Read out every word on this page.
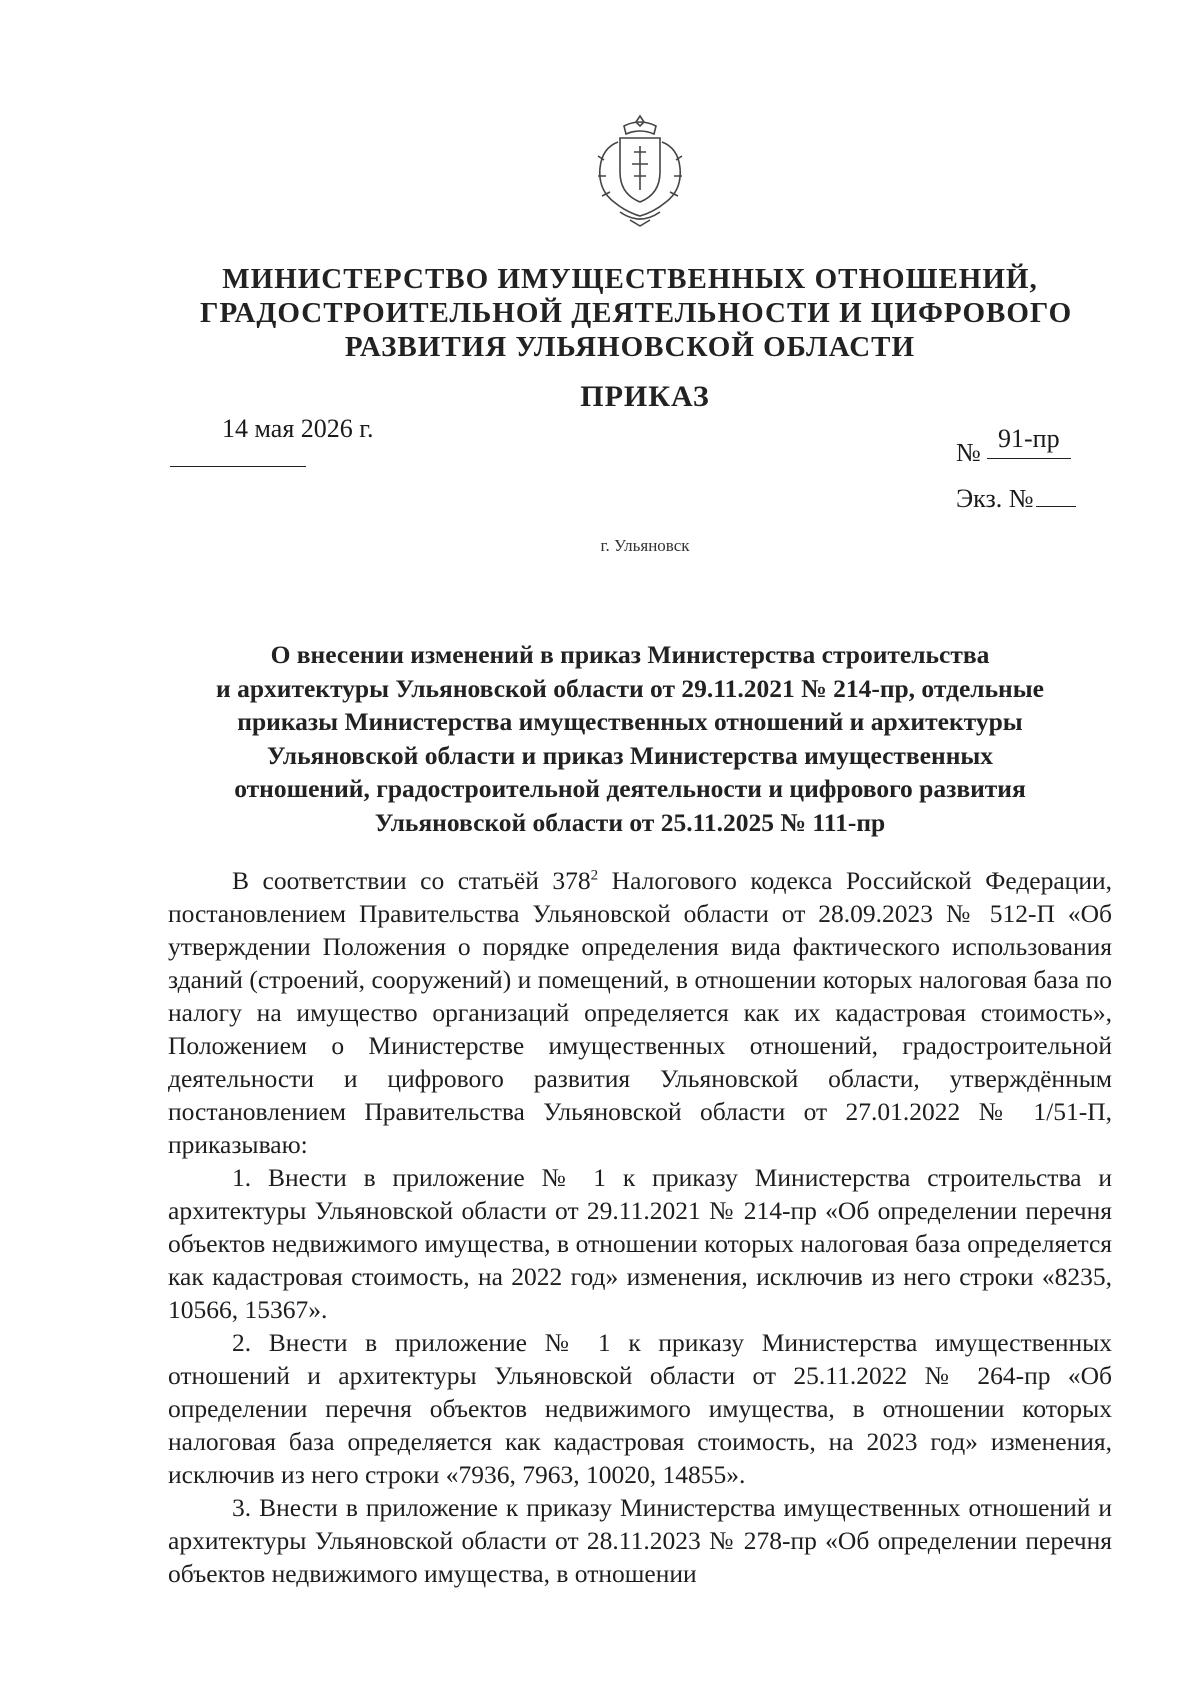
МИНИСТЕРСТВО ИМУЩЕСТВЕННЫХ ОТНОШЕНИЙ,
ГРАДОСТРОИТЕЛЬНОЙ ДЕЯТЕЛЬНОСТИ И ЦИФРОВОГО
РАЗВИТИЯ УЛЬЯНОВСКОЙ ОБЛАСТИ
ПРИКАЗ
14 мая 2026 г.
№ 91-пр
Экз. №
г. Ульяновск
О внесении изменений в приказ Министерства строительства
и архитектуры Ульяновской области от 29.11.2021 № 214-пр, отдельные
приказы Министерства имущественных отношений и архитектуры
Ульяновской области и приказ Министерства имущественных
отношений, градостроительной деятельности и цифрового развития
Ульяновской области от 25.11.2025 № 111-пр

В соответствии со статьёй $378^2$ Налогового кодекса Российской Федерации, постановлением Правительства Ульяновской области от 28.09.2023 № 512-П «Об утверждении Положения о порядке определения вида фактического использования зданий (строений, сооружений) и помещений, в отношении которых налоговая база по налогу на имущество организаций определяется как их кадастровая стоимость», Положением о Министерстве имущественных отношений, градостроительной деятельности и цифрового развития Ульяновской области, утверждённым постановлением Правительства Ульяновской области от 27.01.2022 № 1/51-П, приказываю:

1. Внести в приложение № 1 к приказу Министерства строительства и архитектуры Ульяновской области от 29.11.2021 № 214-пр «Об определении перечня объектов недвижимого имущества, в отношении которых налоговая база определяется как кадастровая стоимость, на 2022 год» изменения, исключив из него строки «8235, 10566, 15367».

2. Внести в приложение № 1 к приказу Министерства имущественных отношений и архитектуры Ульяновской области от 25.11.2022 № 264-пр «Об определении перечня объектов недвижимого имущества, в отношении которых налоговая база определяется как кадастровая стоимость, на 2023 год» изменения, исключив из него строки «7936, 7963, 10020, 14855».

3. Внести в приложение к приказу Министерства имущественных отношений и архитектуры Ульяновской области от 28.11.2023 № 278-пр «Об определении перечня объектов недвижимого имущества, в отношении
